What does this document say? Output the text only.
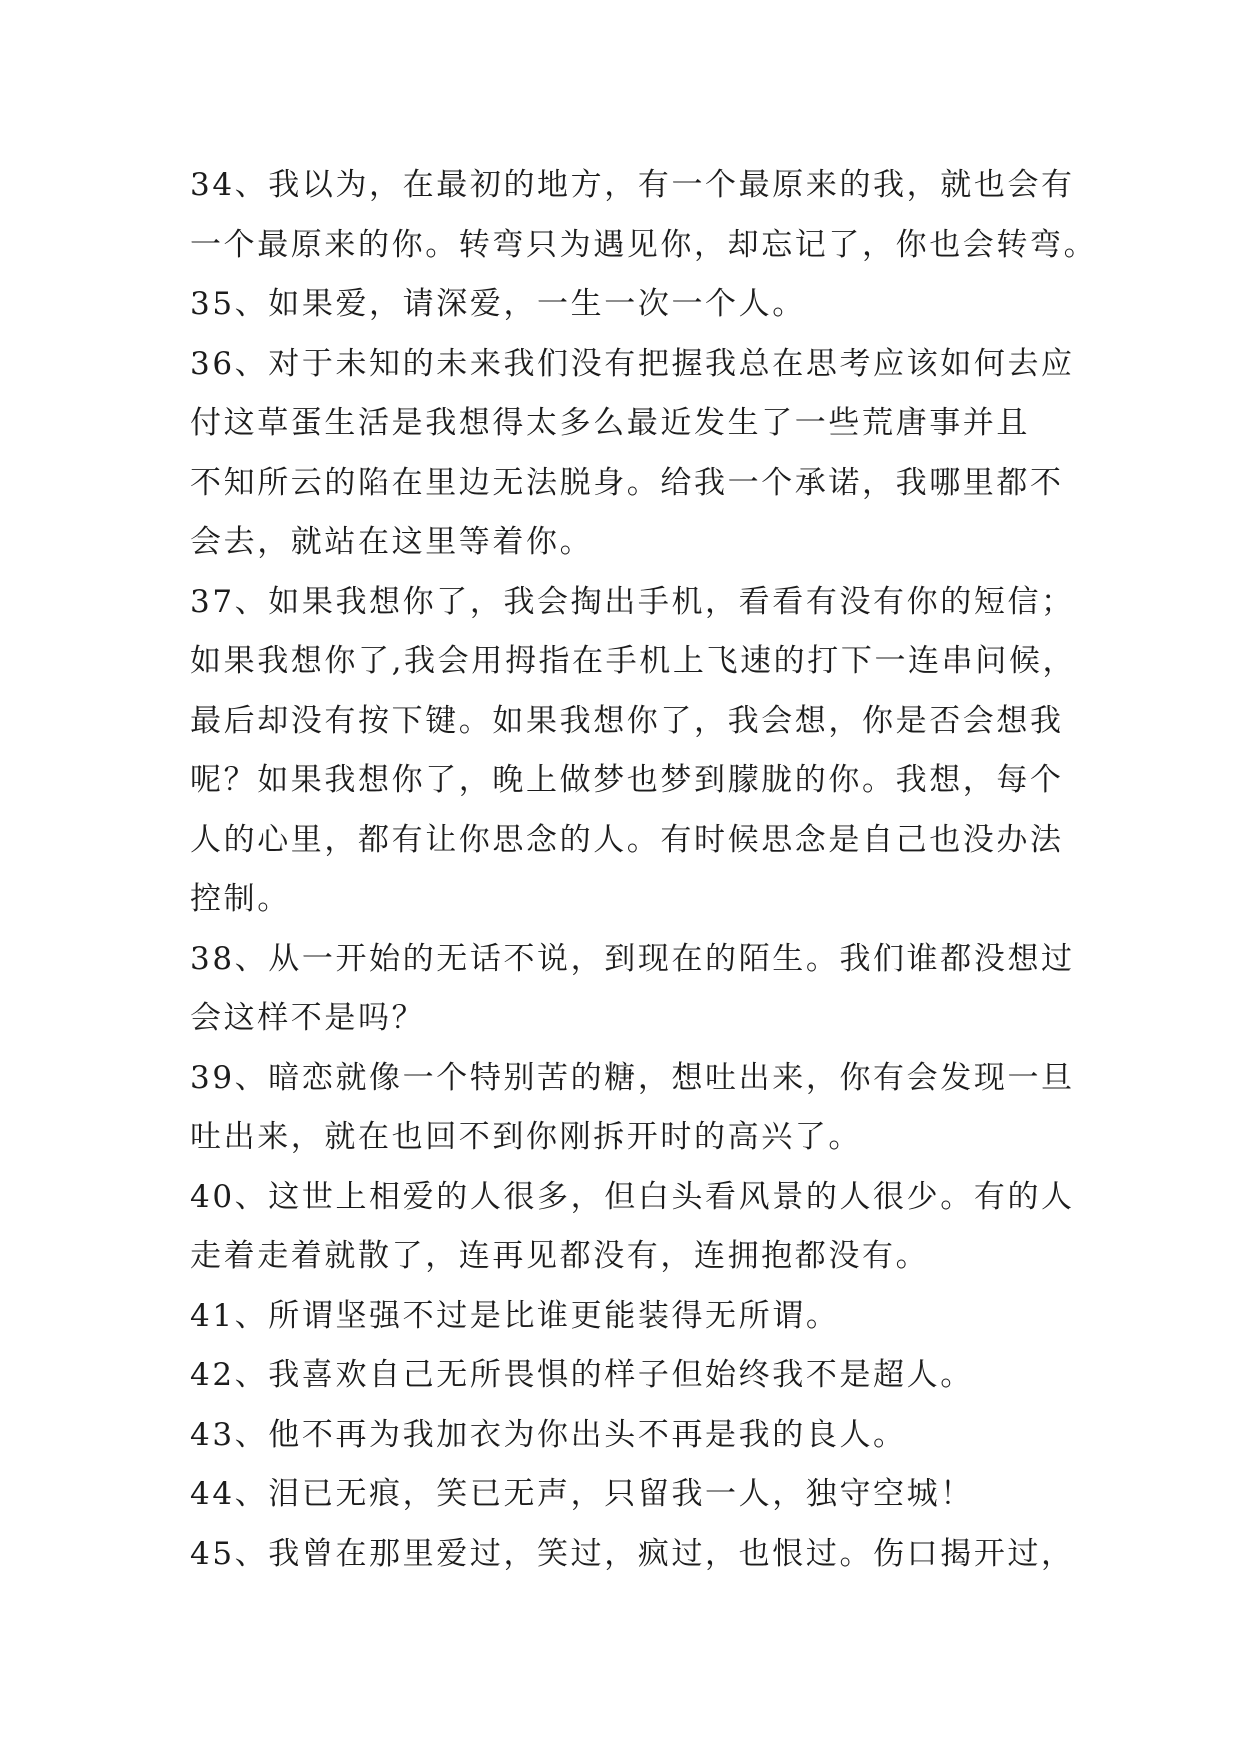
34、我以为，在最初的地方，有一个最原来的我，就也会有
一个最原来的你。转弯只为遇见你，却忘记了，你也会转弯。
35、如果爱，请深爱，一生一次一个人。
36、对于未知的未来我们没有把握我总在思考应该如何去应
付这草蛋生活是我想得太多么最近发生了一些荒唐事并且
不知所云的陷在里边无法脱身。给我一个承诺，我哪里都不
会去，就站在这里等着你。
37、如果我想你了，我会掏出手机，看看有没有你的短信；
如果我想你了,我会用拇指在手机上飞速的打下一连串问候，
最后却没有按下键。如果我想你了，我会想，你是否会想我
呢？如果我想你了，晚上做梦也梦到朦胧的你。我想，每个
人的心里，都有让你思念的人。有时候思念是自己也没办法
控制。
38、从一开始的无话不说，到现在的陌生。我们谁都没想过
会这样不是吗？
39、暗恋就像一个特别苦的糖，想吐出来，你有会发现一旦
吐出来，就在也回不到你刚拆开时的高兴了。
40、这世上相爱的人很多，但白头看风景的人很少。有的人
走着走着就散了，连再见都没有，连拥抱都没有。
41、所谓坚强不过是比谁更能装得无所谓。
42、我喜欢自己无所畏惧的样子但始终我不是超人。
43、他不再为我加衣为你出头不再是我的良人。
44、泪已无痕，笑已无声，只留我一人，独守空城！
45、我曾在那里爱过，笑过，疯过，也恨过。伤口揭开过，
